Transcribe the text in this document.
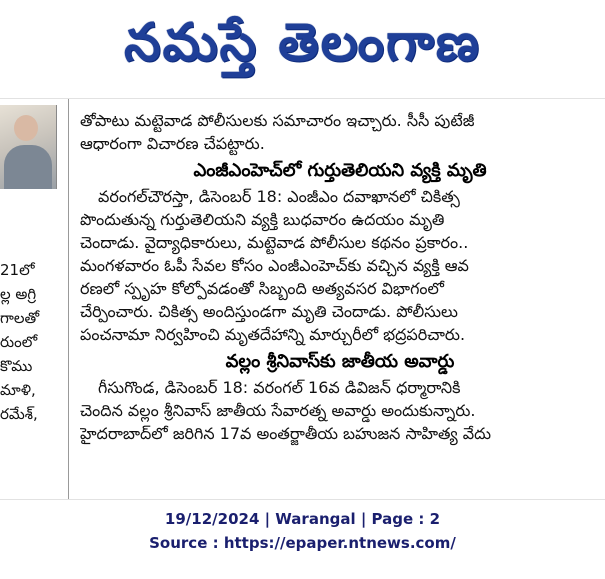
నమస్తే తెలంగాణ

21లో

ల్ల అగ్రి

గాలతో

రుంలో

కొము

మాళి,

రమేశ్,

తోపాటు మట్టెవాడ పోలీసులకు సమాచారం ఇచ్చారు. సీసీ పుటేజీ

ఆధారంగా విచారణ చేపట్టారు.

ఎంజీఎంహెచ్‌లో గుర్తుతెలియని వ్యక్తి మృతి

వరంగల్‌చౌరస్తా, డిసెంబర్‌ 18: ఎంజీఎం దవాఖానలో చికిత్స

పొందుతున్న గుర్తుతెలియని వ్యక్తి బుధవారం ఉదయం మృతి

చెందాడు. వైద్యాధికారులు, మట్టెవాడ పోలీసుల కథనం ప్రకారం..

మంగళవారం ఓపీ సేవల కోసం ఎంజీఎంహెచ్‌కు వచ్చిన వ్యక్తి ఆవ

రణలో స్పృహ కోల్పోవడంతో సిబ్బంది అత్యవసర విభాగంలో

చేర్పించారు. చికిత్స అందిస్తుండగా మృతి చెందాడు. పోలీసులు

పంచనామా నిర్వహించి మృతదేహాన్ని మార్చురీలో భద్రపరిచారు.

వల్లం శ్రీనివాస్‌కు జాతీయ అవార్డు

గీసుగొండ, డిసెంబర్‌ 18: వరంగల్‌ 16వ డివిజన్‌ ధర్మారానికి

చెందిన వల్లం శ్రీనివాస్‌ జాతీయ సేవారత్న అవార్డు అందుకున్నారు.

హైదరాబాద్‌లో జరిగిన 17వ అంతర్జాతీయ బహుజన సాహిత్య వేదు

19/12/2024 | Warangal | Page : 2
Source : https://epaper.ntnews.com/
